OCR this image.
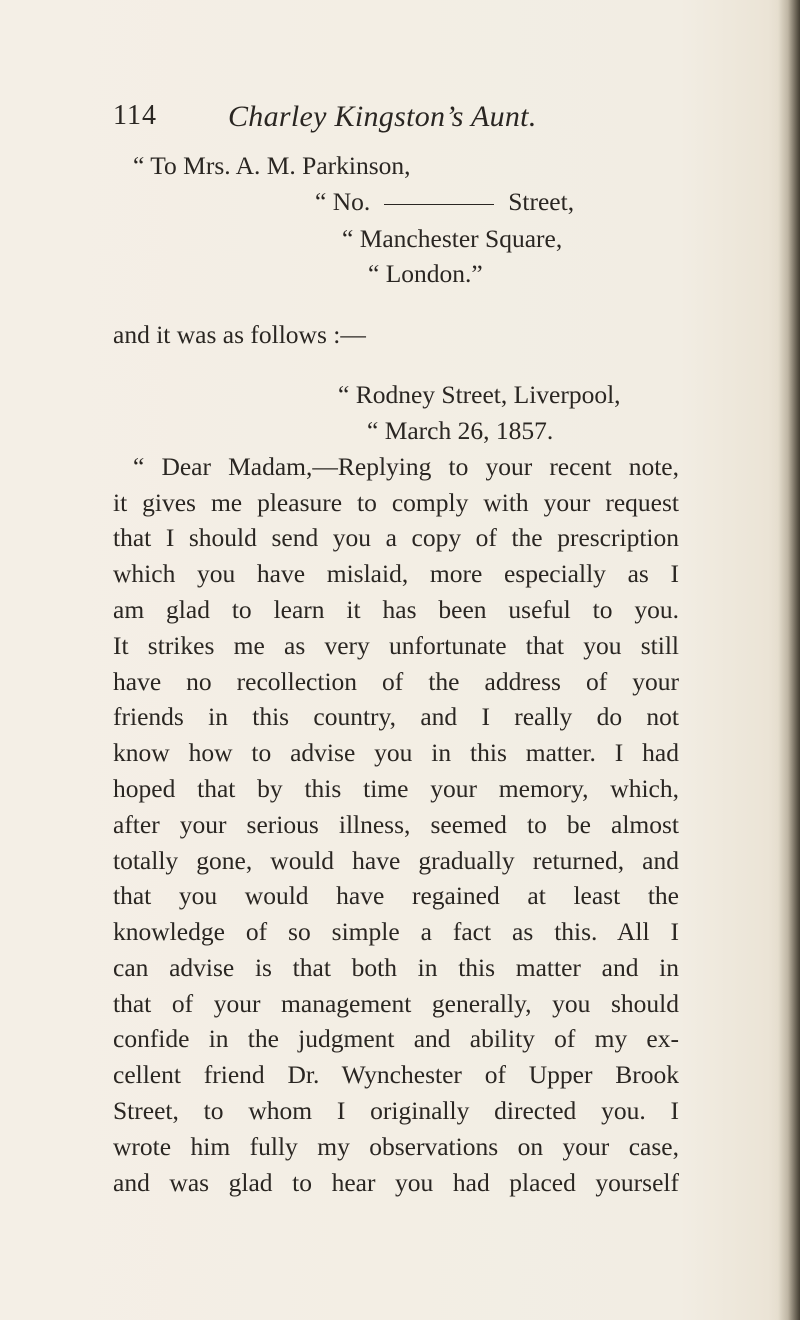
114 Charley Kingston’s Aunt.
“ To Mrs. A. M. Parkinson,
“ No.	Street,
“ Manchester Square,
“ London.”
and it was as follows :—
“ Rodney Street, Liverpool,
“ March 26, 1857.
“ Dear Madam,—Replying to your recent note,
it gives me pleasure to comply with your request
that I should send you a copy of the prescription
which you have mislaid, more especially as I
am glad to learn it has been useful to you.
It strikes me as very unfortunate that you still
have no recollection of the address of your
friends in this country, and I really do not
know how to advise you in this matter. I had
hoped that by this time your memory, which,
after your serious illness, seemed to be almost
totally gone, would have gradually returned, and
that you would have regained at least the
knowledge of so simple a fact as this. All I
can advise is that both in this matter and in
that of your management generally, you should
confide in the judgment and ability of my ex-
cellent friend Dr. Wynchester of Upper Brook
Street, to whom I originally directed you. I
wrote him fully my observations on your case,
and was glad to hear you had placed yourself
